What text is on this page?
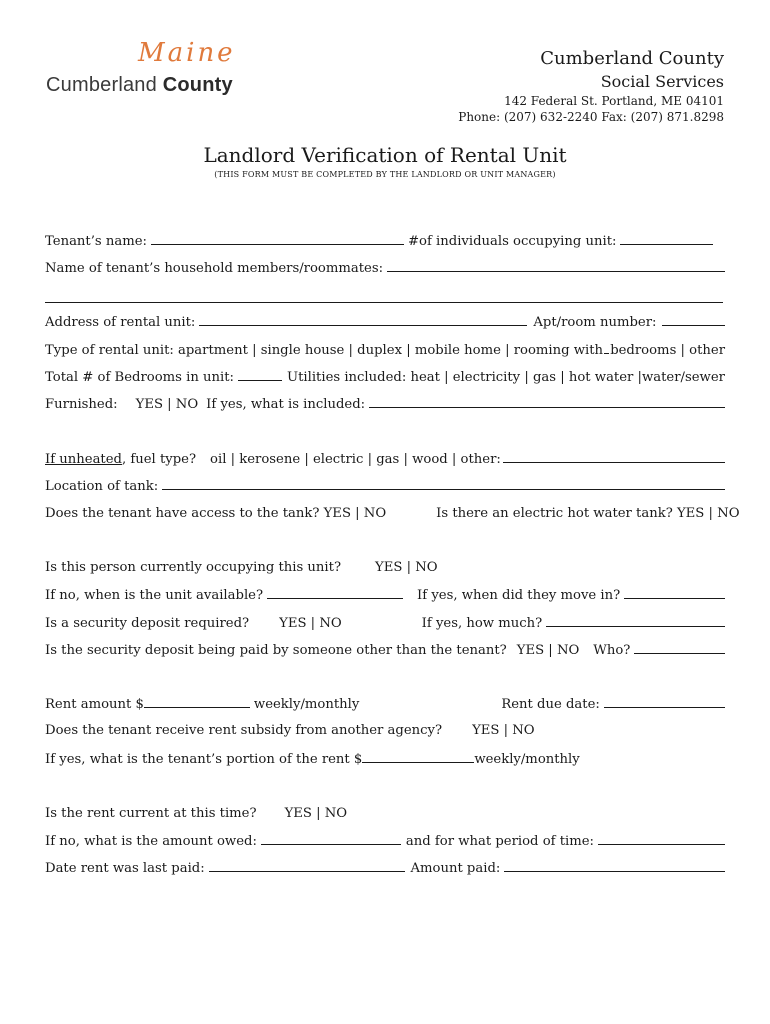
Maine
Cumberland County
Cumberland County
Social Services
142 Federal St. Portland, ME 04101
Phone: (207) 632-2240 Fax: (207) 871.8298
Landlord Verification of Rental Unit
(THIS FORM MUST BE COMPLETED BY THE LANDLORD OR UNIT MANAGER)
Tenant’s name:	#of individuals occupying unit:
Name of tenant’s household members/roommates:
Address of rental unit:	Apt/room number:
Type of rental unit: apartment | single house | duplex | mobile home | rooming with bedrooms | other
Total # of Bedrooms in unit:	Utilities included: heat | electricity | gas | hot water |water/sewer
Furnished: YES | NO If yes, what is included:
If unheated , fuel type? oil | kerosene | electric | gas | wood | other:
Location of tank:
Does the tenant have access to the tank? YES | NO	Is there an electric hot water tank? YES | NO
Is this person currently occupying this unit?	YES | NO
If no, when is the unit available?	If yes, when did they move in?
Is a security deposit required? YES | NO	If yes, how much?
Is the security deposit being paid by someone other than the tenant? YES | NO Who?
Rent amount $	weekly/monthly	Rent due date:
Does the tenant receive rent subsidy from another agency? YES | NO
If yes, what is the tenant’s portion of the rent $	weekly/monthly
Is the rent current at this time? YES | NO
If no, what is the amount owed:	and for what period of time:
Date rent was last paid:	Amount paid:
